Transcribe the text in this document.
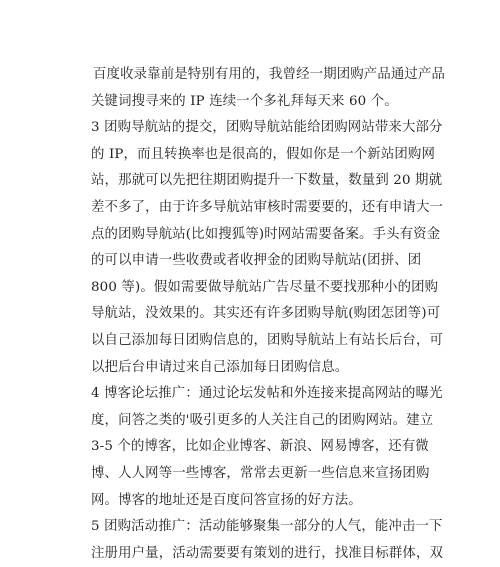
百度收录靠前是特别有用的，我曾经一期团购产品通过产品
关键词搜寻来的 IP 连续一个多礼拜每天来 60 个。
3 团购导航站的提交，团购导航站能给团购网站带来大部分
的 IP，而且转换率也是很高的，假如你是一个新站团购网
站，那就可以先把往期团购提升一下数量，数量到 20 期就
差不多了，由于许多导航站审核时需要要的，还有申请大一
点的团购导航站(比如搜狐等)时网站需要备案。手头有资金
的可以申请一些收费或者收押金的团购导航站(团拼、团
800 等)。假如需要做导航站广告尽量不要找那种小的团购
导航站，没效果的。其实还有许多团购导航(购团怎团等)可
以自己添加每日团购信息的，团购导航站上有站长后台，可
以把后台申请过来自己添加每日团购信息。
4 博客论坛推广：通过论坛发帖和外连接来提高网站的曝光
度，问答之类的'吸引更多的人关注自己的团购网站。建立
3-5 个的博客，比如企业博客、新浪、网易博客，还有微
博、人人网等一些博客，常常去更新一些信息来宣扬团购
网。博客的地址还是百度问答宣扬的好方法。
5 团购活动推广：活动能够聚集一部分的人气，能冲击一下
注册用户量，活动需要要有策划的进行，找准目标群体，双
